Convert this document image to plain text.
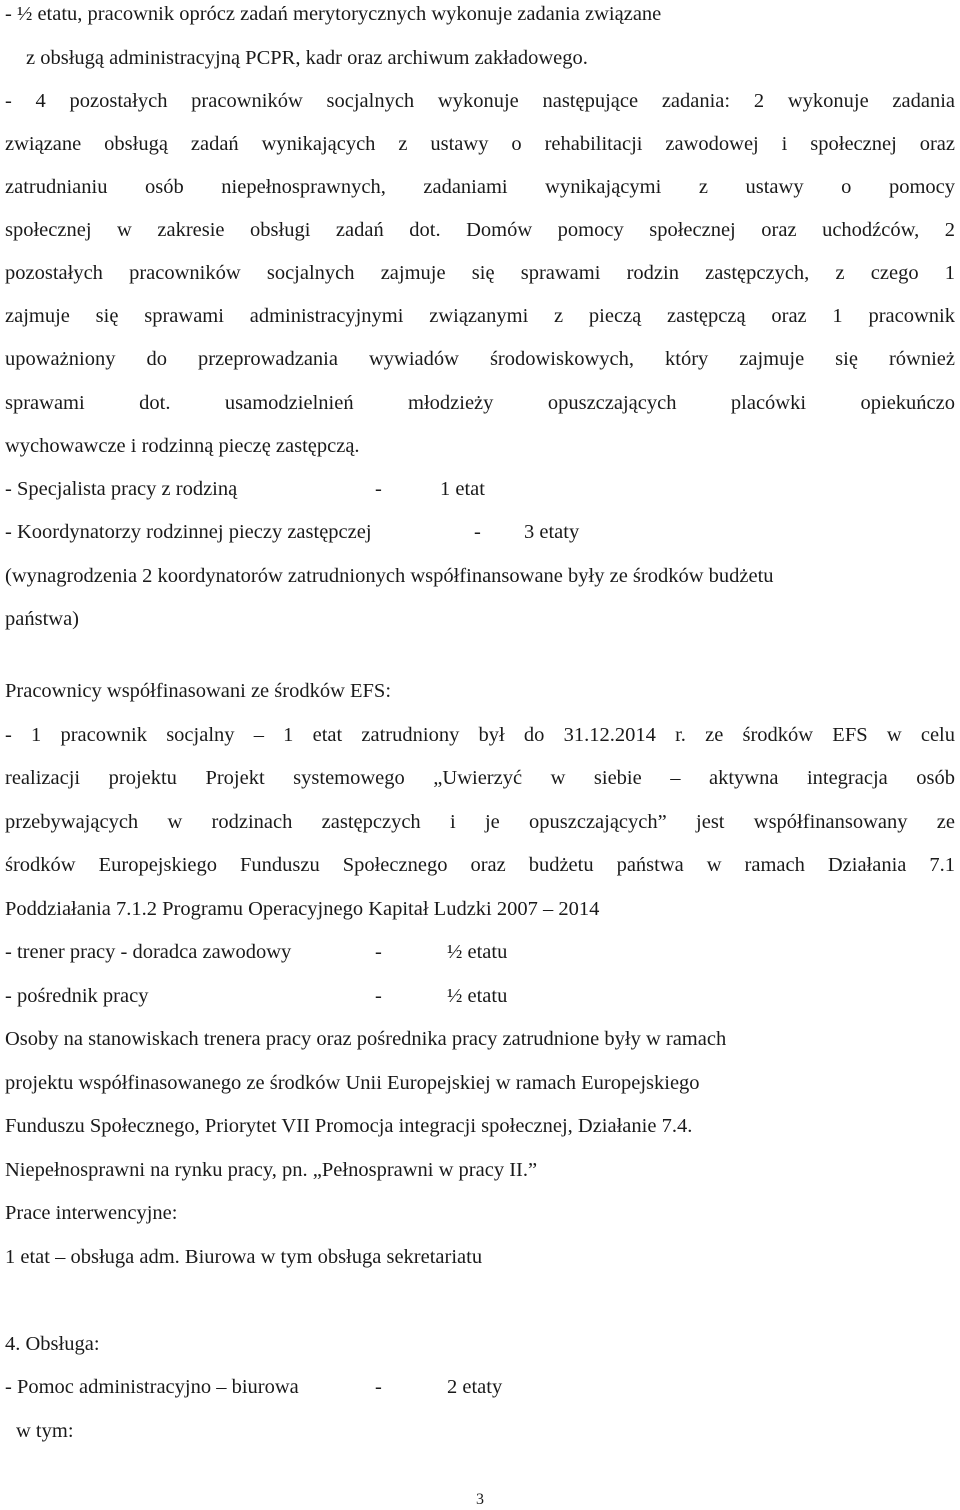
- ½ etatu, pracownik oprócz zadań merytorycznych wykonuje zadania związane
z obsługą administracyjną PCPR, kadr oraz archiwum zakładowego.
- 4 pozostałych pracowników socjalnych wykonuje następujące zadania: 2 wykonuje zadania
związane obsługą zadań wynikających z ustawy o rehabilitacji zawodowej i społecznej oraz
zatrudnianiu osób niepełnosprawnych, zadaniami wynikającymi z ustawy o pomocy
społecznej w zakresie obsługi zadań dot. Domów pomocy społecznej oraz uchodźców, 2
pozostałych pracowników socjalnych zajmuje się sprawami rodzin zastępczych, z czego 1
zajmuje się sprawami administracyjnymi związanymi z pieczą zastępczą oraz 1 pracownik
upoważniony do przeprowadzania wywiadów środowiskowych, który zajmuje się również
sprawami dot. usamodzielnień młodzieży opuszczających placówki opiekuńczo
wychowawcze i rodzinną pieczę zastępczą.
- Specjalista pracy z rodziną	-	1 etat
- Koordynatorzy rodzinnej pieczy zastępczej	- 3 etaty
(wynagrodzenia 2 koordynatorów zatrudnionych współfinansowane były ze środków budżetu
państwa)
Pracownicy współfinasowani ze środków EFS:
- 1 pracownik socjalny – 1 etat zatrudniony był do 31.12.2014 r. ze środków EFS w celu
realizacji projektu Projekt systemowego „Uwierzyć w siebie – aktywna integracja osób
przebywających w rodzinach zastępczych i je opuszczających” jest współfinansowany ze
środków Europejskiego Funduszu Społecznego oraz budżetu państwa w ramach Działania 7.1
Poddziałania 7.1.2 Programu Operacyjnego Kapitał Ludzki 2007 – 2014
- trener pracy - doradca zawodowy	-	½ etatu
- pośrednik pracy	-	½ etatu
Osoby na stanowiskach trenera pracy oraz pośrednika pracy zatrudnione były w ramach
projektu współfinasowanego ze środków Unii Europejskiej w ramach Europejskiego
Funduszu Społecznego, Priorytet VII Promocja integracji społecznej, Działanie 7.4.
Niepełnosprawni na rynku pracy, pn. „Pełnosprawni w pracy II.”
Prace interwencyjne:
1 etat – obsługa adm. Biurowa w tym obsługa sekretariatu
4. Obsługa:
- Pomoc administracyjno – biurowa	-	2 etaty
w tym:
3
